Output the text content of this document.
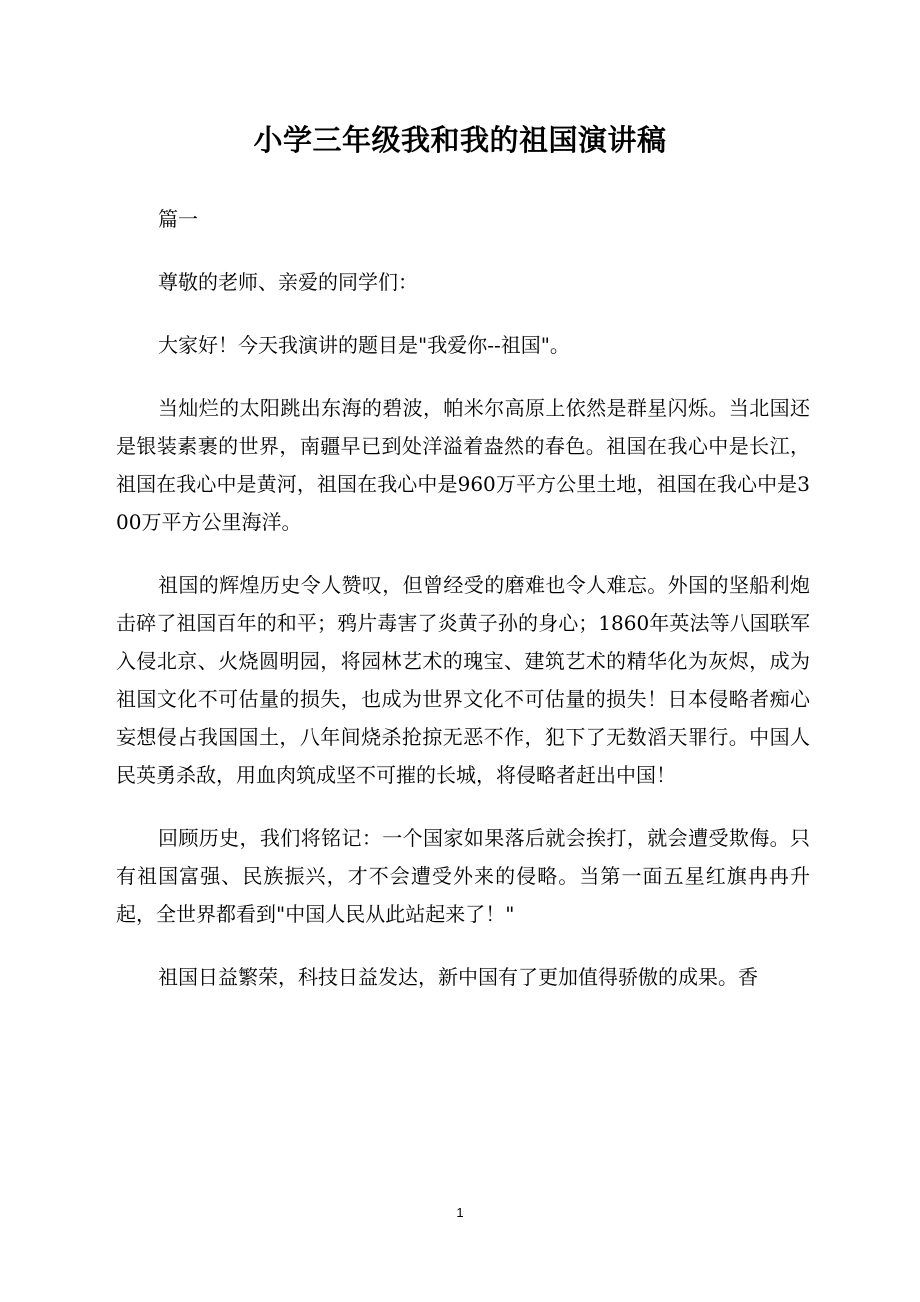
小学三年级我和我的祖国演讲稿

篇一

尊敬的老师、亲爱的同学们：

大家好！今天我演讲的题目是"我爱你--祖国"。

当灿烂的太阳跳出东海的碧波，帕米尔高原上依然是群星闪烁。当北国还是银装素裹的世界，南疆早已到处洋溢着盎然的春色。祖国在我心中是长江，祖国在我心中是黄河，祖国在我心中是960万平方公里土地，祖国在我心中是300万平方公里海洋。

祖国的辉煌历史令人赞叹，但曾经受的磨难也令人难忘。外国的坚船利炮击碎了祖国百年的和平；鸦片毒害了炎黄子孙的身心；1860年英法等八国联军入侵北京、火烧圆明园，将园林艺术的瑰宝、建筑艺术的精华化为灰烬，成为祖国文化不可估量的损失，也成为世界文化不可估量的损失！日本侵略者痴心妄想侵占我国国土，八年间烧杀抢掠无恶不作，犯下了无数滔天罪行。中国人民英勇杀敌，用血肉筑成坚不可摧的长城，将侵略者赶出中国！

回顾历史，我们将铭记：一个国家如果落后就会挨打，就会遭受欺侮。只有祖国富强、民族振兴，才不会遭受外来的侵略。当第一面五星红旗冉冉升起，全世界都看到"中国人民从此站起来了！"

祖国日益繁荣，科技日益发达，新中国有了更加值得骄傲的成果。香

1
